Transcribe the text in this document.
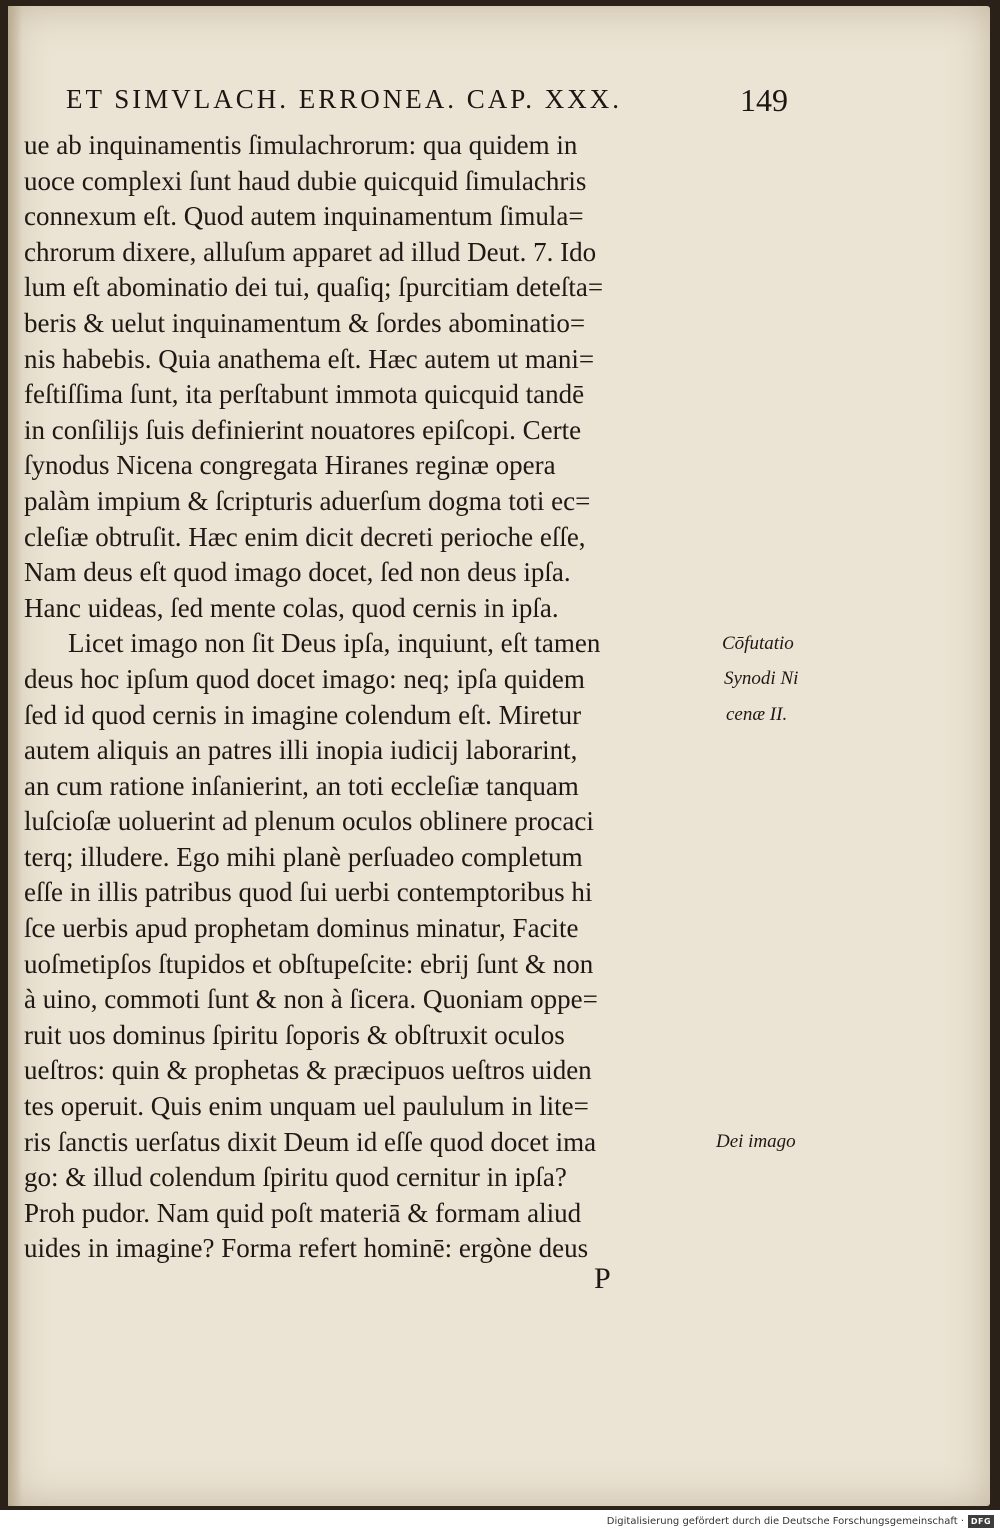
ET SIMVLACH. ERRONEA. CAP. XXX.	149
ue ab inquinamentis ſimulachrorum: qua quidem in
uoce complexi ſunt haud dubie quicquid ſimulachris
connexum eſt. Quod autem inquinamentum ſimula=
chrorum dixere, alluſum apparet ad illud Deut. 7. Ido
lum eſt abominatio dei tui, quaſiq; ſpurcitiam deteſta=
beris & uelut inquinamentum & ſordes abominatio=
nis habebis. Quia anathema eſt. Hæc autem ut mani=
feſtiſſima ſunt, ita perſtabunt immota quicquid tandē
in conſilijs ſuis definierint nouatores epiſcopi. Certe
ſynodus Nicena congregata Hiranes reginæ opera
palàm impium & ſcripturis aduerſum dogma toti ec=
cleſiæ obtruſit. Hæc enim dicit decreti perioche eſſe,
Nam deus eſt quod imago docet, ſed non deus ipſa.
Hanc uideas, ſed mente colas, quod cernis in ipſa.
Licet imago non ſit Deus ipſa, inquiunt, eſt tamen
deus hoc ipſum quod docet imago: neq; ipſa quidem
ſed id quod cernis in imagine colendum eſt. Miretur
autem aliquis an patres illi inopia iudicij laborarint,
an cum ratione inſanierint, an toti eccleſiæ tanquam
luſcioſæ uoluerint ad plenum oculos oblinere procaci
terq; illudere. Ego mihi planè perſuadeo completum
eſſe in illis patribus quod ſui uerbi contemptoribus hi
ſce uerbis apud prophetam dominus minatur, Facite
uoſmetipſos ſtupidos et obſtupeſcite: ebrij ſunt & non
à uino, commoti ſunt & non à ſicera. Quoniam oppe=
ruit uos dominus ſpiritu ſoporis & obſtruxit oculos
ueſtros: quin & prophetas & præcipuos ueſtros uiden
tes operuit. Quis enim unquam uel paululum in lite=
ris ſanctis uerſatus dixit Deum id eſſe quod docet ima
go: & illud colendum ſpiritu quod cernitur in ipſa?
Proh pudor. Nam quid poſt materiā & formam aliud
uides in imagine? Forma refert hominē: ergòne deus
Cōfutatio
Synodi Ni
cenæ II.
Dei imago
P
Digitalisierung gefördert durch die Deutsche Forschungsgemeinschaft · DFG
